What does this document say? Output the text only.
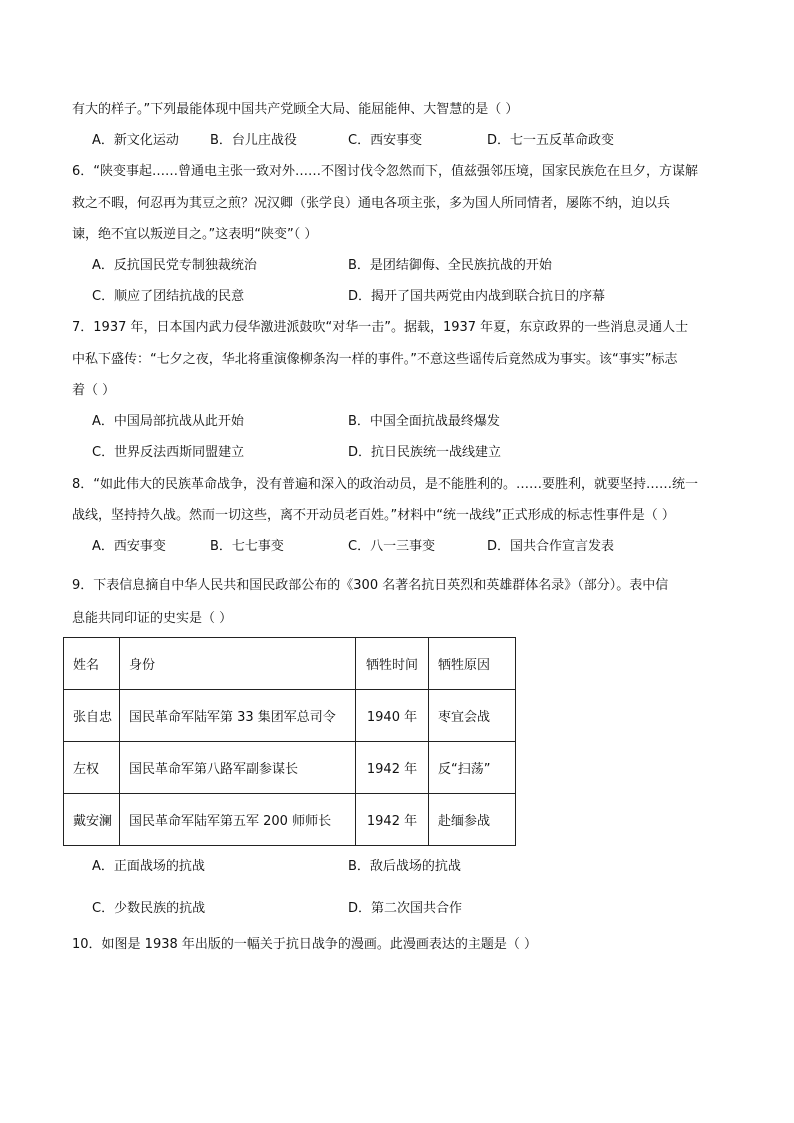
有大的样子。”下列最能体现中国共产党顾全大局、能屈能伸、大智慧的是（ ）
A．新文化运动 B．台儿庄战役	C．西安事变	D．七一五反革命政变
6．“陕变事起……曾通电主张一致对外……不图讨伐令忽然而下，值兹强邻压境，国家民族危在旦夕，方谋解
救之不暇，何忍再为萁豆之煎？况汉卿（张学良）通电各项主张，多为国人所同情者，屡陈不纳，迫以兵
谏，绝不宜以叛逆目之。”这表明“陕变”（ ）
A．反抗国民党专制独裁统治	B．是团结御侮、全民族抗战的开始
C．顺应了团结抗战的民意	D．揭开了国共两党由内战到联合抗日的序幕
7．1937 年，日本国内武力侵华激进派鼓吹“对华一击”。据载，1937 年夏，东京政界的一些消息灵通人士
中私下盛传：“七夕之夜，华北将重演像柳条沟一样的事件。”不意这些谣传后竟然成为事实。该“事实”标志
着（ ）
A．中国局部抗战从此开始	B．中国全面抗战最终爆发
C．世界反法西斯同盟建立	D．抗日民族统一战线建立
8．“如此伟大的民族革命战争，没有普遍和深入的政治动员，是不能胜利的。……要胜利，就要坚持……统一
战线，坚持持久战。然而一切这些，离不开动员老百姓。”材料中“统一战线”正式形成的标志性事件是（ ）
A．西安事变	B．七七事变	C．八一三事变	D．国共合作宣言发表
9．下表信息摘自中华人民共和国民政部公布的《300 名著名抗日英烈和英雄群体名录》（部分）。表中信
息能共同印证的史实是（ ）
姓名	身份	牺牲时间	牺牲原因
张自忠	国民革命军陆军第 33 集团军总司令	1940 年	枣宜会战
左权	国民革命军第八路军副参谋长	1942 年	反“扫荡”
戴安澜	国民革命军陆军第五军 200 师师长	1942 年	赴缅参战
A．正面战场的抗战	B．敌后战场的抗战
C．少数民族的抗战	D．第二次国共合作
10．如图是 1938 年出版的一幅关于抗日战争的漫画。此漫画表达的主题是（ ）
